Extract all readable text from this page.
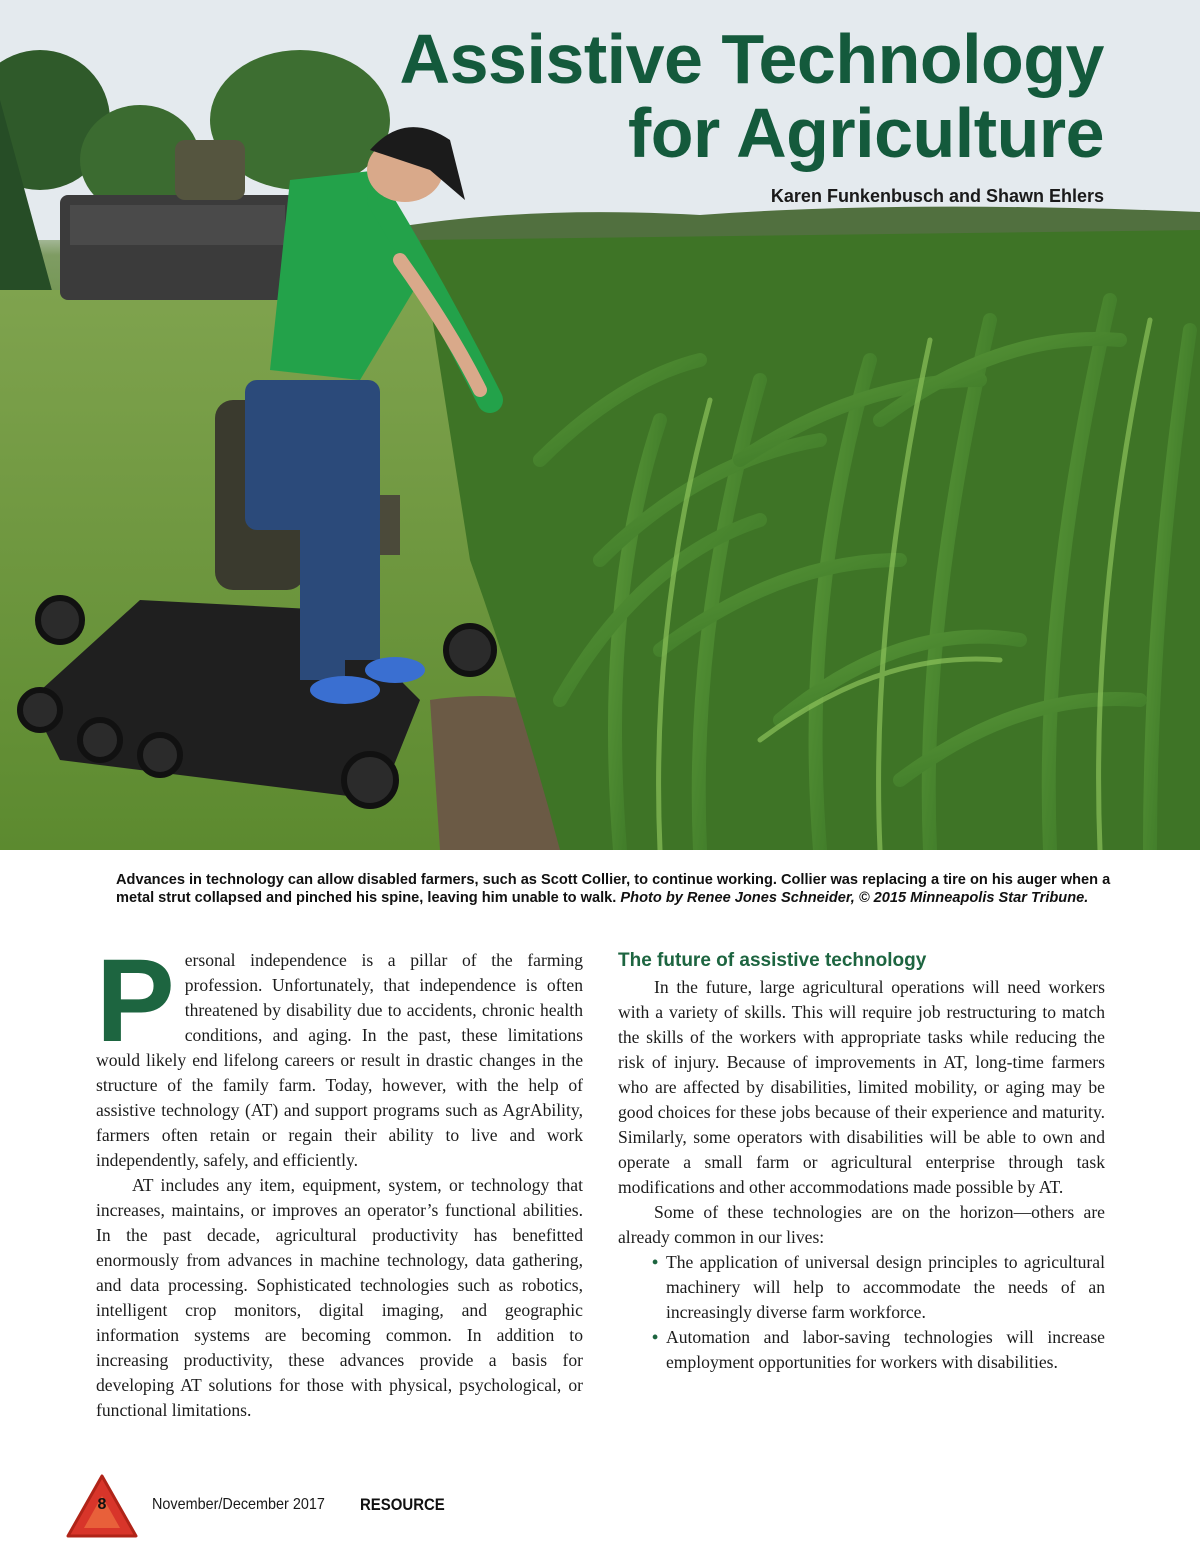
Assistive Technology
for Agriculture

Karen Funkenbusch and Shawn Ehlers

Advances in technology can allow disabled farmers, such as Scott Collier, to continue working. Collier was replacing a tire on his auger when a metal strut collapsed and pinched his spine, leaving him unable to walk. Photo by Renee Jones Schneider, © 2015 Minneapolis Star Tribune.

Personal independence is a pillar of the farming profession. Unfortunately, that independence is often threatened by disability due to accidents, chronic health conditions, and aging. In the past, these limitations would likely end lifelong careers or result in drastic changes in the structure of the family farm. Today, however, with the help of assistive technology (AT) and support programs such as AgrAbility, farmers often retain or regain their ability to live and work independently, safely, and efficiently.

AT includes any item, equipment, system, or technology that increases, maintains, or improves an operator’s functional abilities. In the past decade, agricultural productivity has benefitted enormously from advances in machine technology, data gathering, and data processing. Sophisticated technologies such as robotics, intelligent crop monitors, digital imaging, and geographic information systems are becoming common. In addition to increasing productivity, these advances provide a basis for developing AT solutions for those with physical, psychological, or functional limitations.

The future of assistive technology

In the future, large agricultural operations will need workers with a variety of skills. This will require job restructuring to match the skills of the workers with appropriate tasks while reducing the risk of injury. Because of improvements in AT, long-time farmers who are affected by disabilities, limited mobility, or aging may be good choices for these jobs because of their experience and maturity. Similarly, some operators with disabilities will be able to own and operate a small farm or agricultural enterprise through task modifications and other accommodations made possible by AT.

Some of these technologies are on the horizon—others are already common in our lives:

• The application of universal design principles to agricultural machinery will help to accommodate the needs of an increasingly diverse farm workforce.
• Automation and labor-saving technologies will increase employment opportunities for workers with disabilities.
8	November/December 2017 RESOURCE
